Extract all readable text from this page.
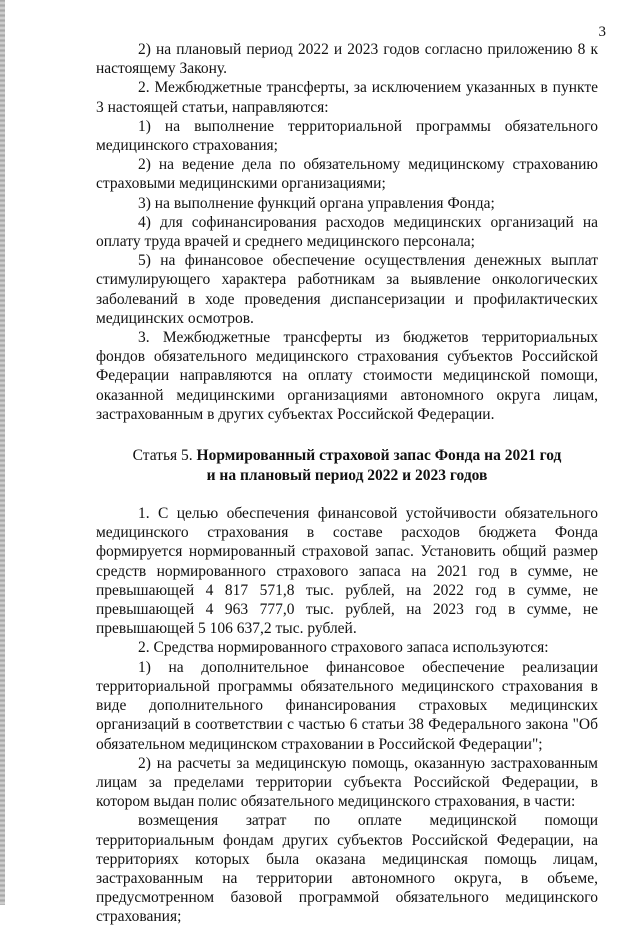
3

2) на плановый период 2022 и 2023 годов согласно приложению 8 к настоящему Закону.

2. Межбюджетные трансферты, за исключением указанных в пункте 3 настоящей статьи, направляются:

1) на выполнение территориальной программы обязательного медицинского страхования;

2) на ведение дела по обязательному медицинскому страхованию страховыми медицинскими организациями;

3) на выполнение функций органа управления Фонда;

4) для софинансирования расходов медицинских организаций на оплату труда врачей и среднего медицинского персонала;

5) на финансовое обеспечение осуществления денежных выплат стимулирующего характера работникам за выявление онкологических заболеваний в ходе проведения диспансеризации и профилактических медицинских осмотров.

3. Межбюджетные трансферты из бюджетов территориальных фондов обязательного медицинского страхования субъектов Российской Федерации направляются на оплату стоимости медицинской помощи, оказанной медицинскими организациями автономного округа лицам, застрахованным в других субъектах Российской Федерации.

Статья 5. Нормированный страховой запас Фонда на 2021 год
и на плановый период 2022 и 2023 годов

1. С целью обеспечения финансовой устойчивости обязательного медицинского страхования в составе расходов бюджета Фонда формируется нормированный страховой запас. Установить общий размер средств нормированного страхового запаса на 2021 год в сумме, не превышающей 4 817 571,8 тыс. рублей, на 2022 год в сумме, не превышающей 4 963 777,0 тыс. рублей, на 2023 год в сумме, не превышающей 5 106 637,2 тыс. рублей.

2. Средства нормированного страхового запаса используются:

1) на дополнительное финансовое обеспечение реализации территориальной программы обязательного медицинского страхования в виде дополнительного финансирования страховых медицинских организаций в соответствии с частью 6 статьи 38 Федерального закона "Об обязательном медицинском страховании в Российской Федерации";

2) на расчеты за медицинскую помощь, оказанную застрахованным лицам за пределами территории субъекта Российской Федерации, в котором выдан полис обязательного медицинского страхования, в части:

возмещения затрат по оплате медицинской помощи территориальным фондам других субъектов Российской Федерации, на территориях которых была оказана медицинская помощь лицам, застрахованным на территории автономного округа, в объеме, предусмотренном базовой программой обязательного медицинского страхования;
